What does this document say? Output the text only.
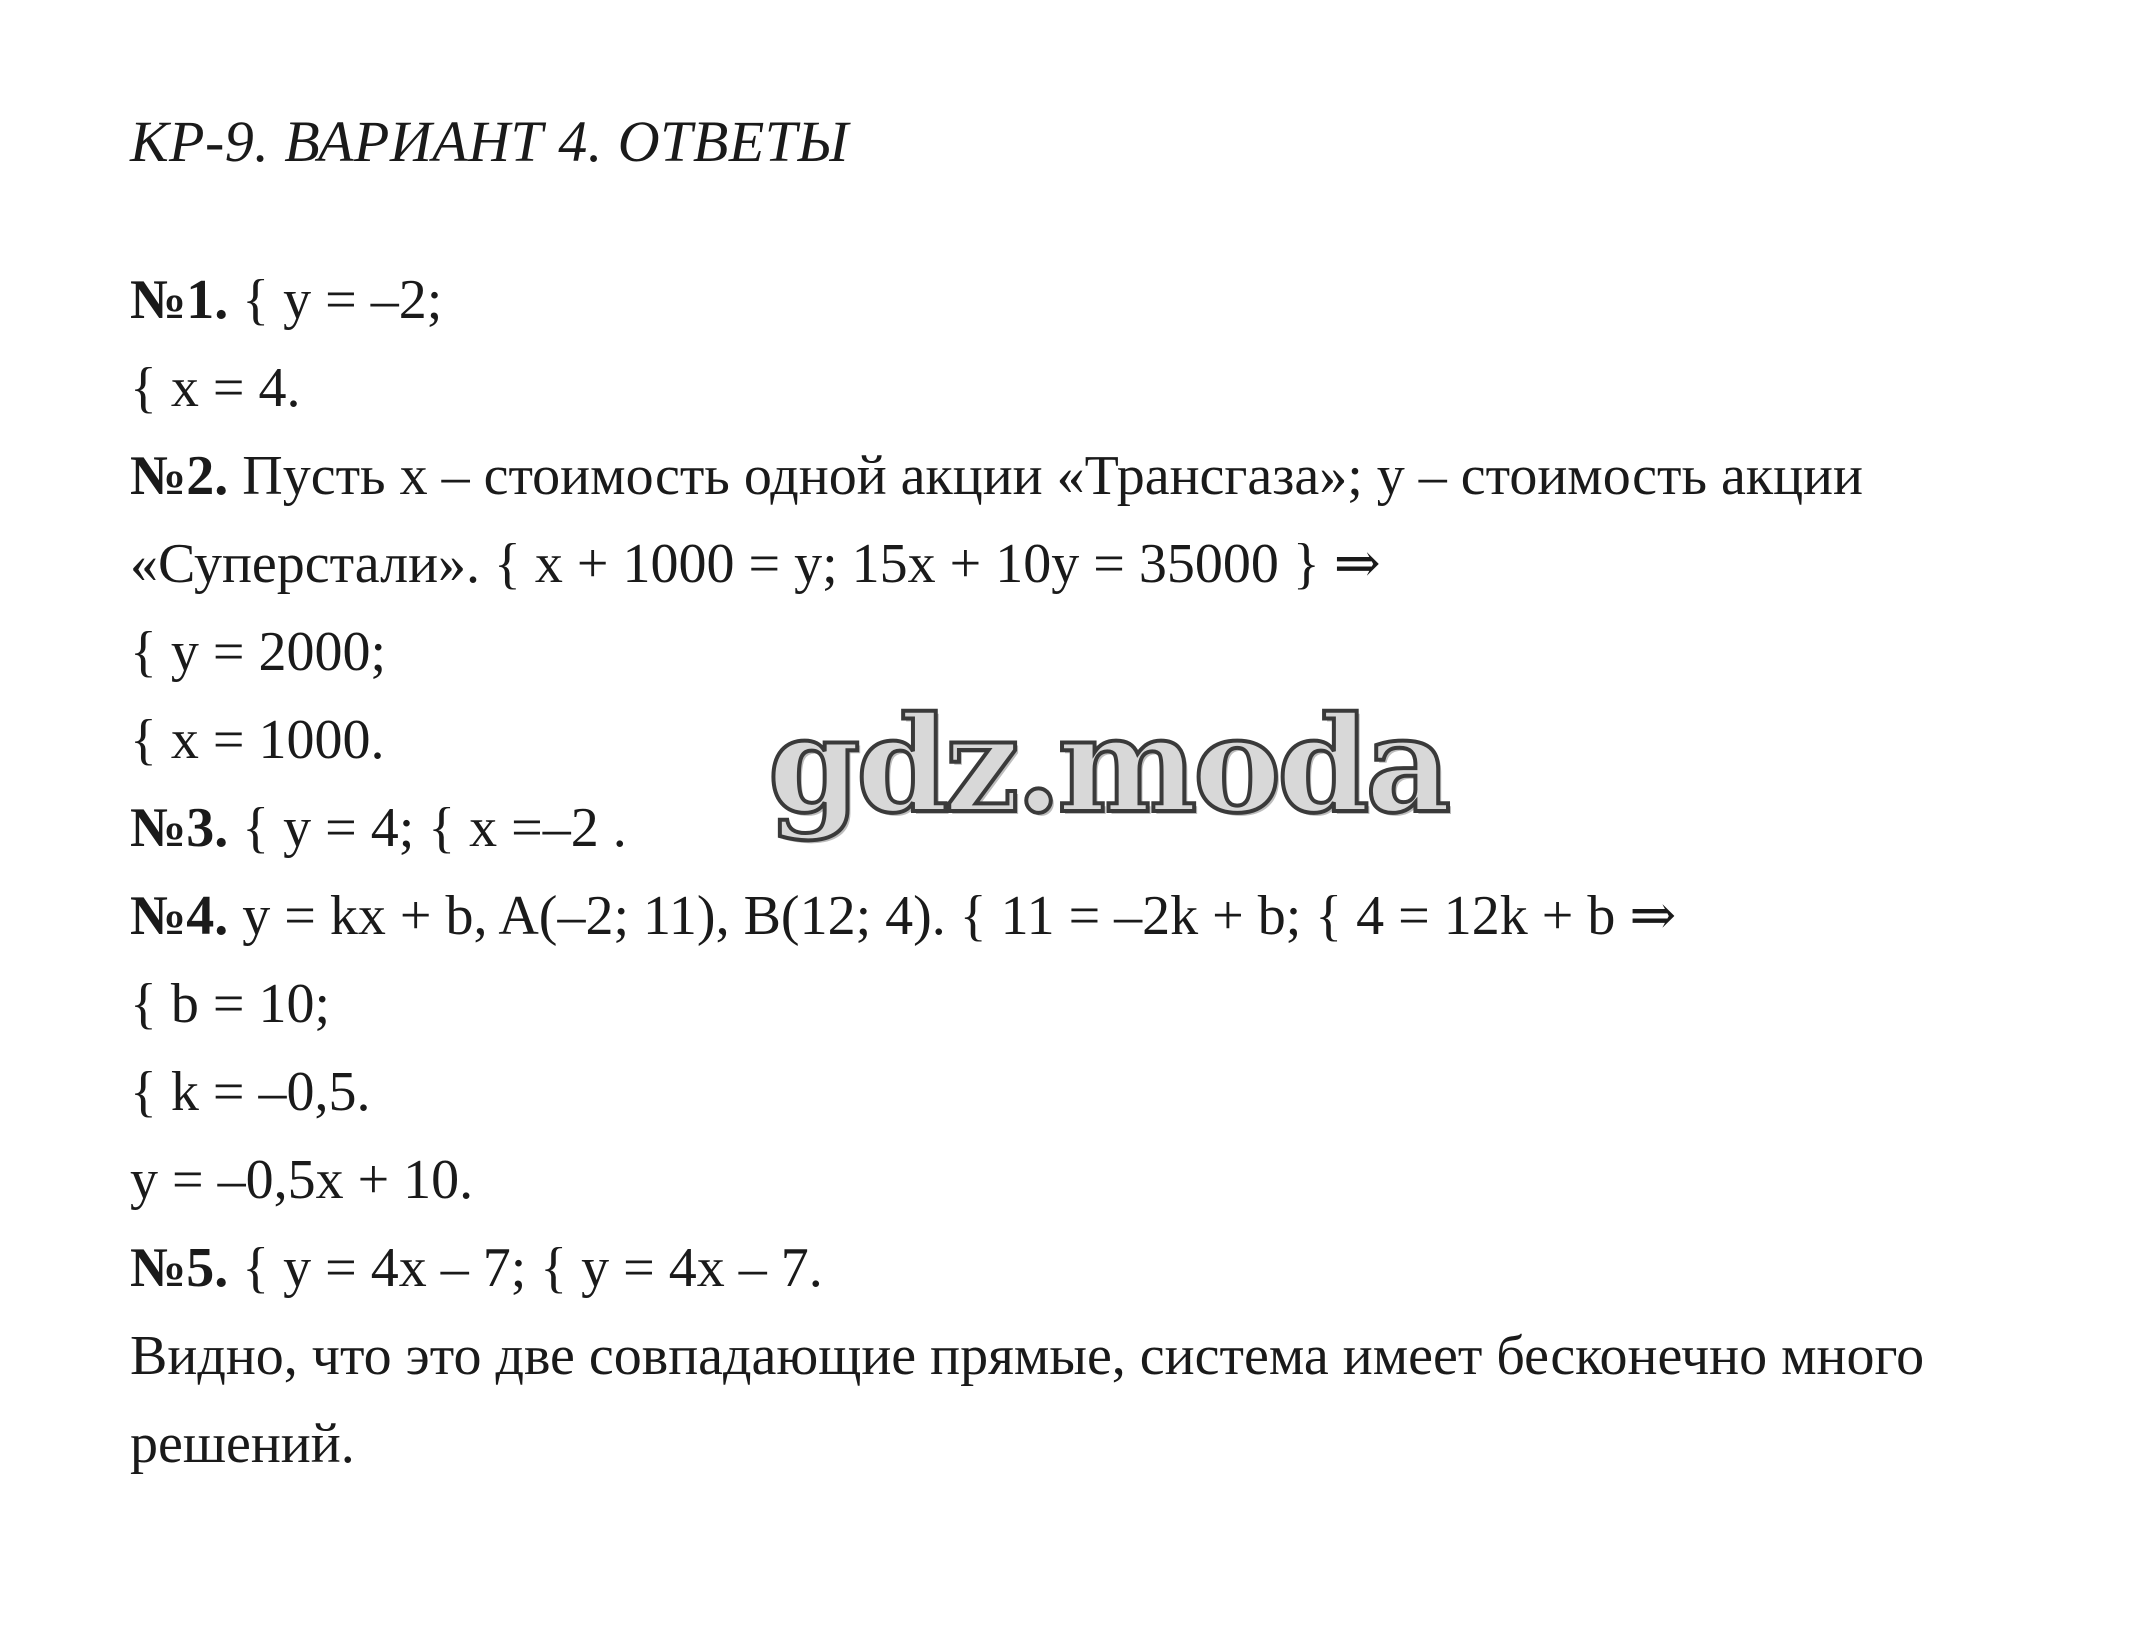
КР-9. ВАРИАНТ 4. ОТВЕТЫ
№1. { y = –2;
{ x = 4.
№2. Пусть x – стоимость одной акции «Трансгаза»; y – стоимость акции
«Суперстали». { x + 1000 = y; 15x + 10y = 35000 } ⇒
{ y = 2000;
{ x = 1000.
№3. { y = 4; { x =–2 .
№4. y = kx + b, A(–2; 11), B(12; 4). { 11 = –2k + b; { 4 = 12k + b ⇒
{ b = 10;
{ k = –0,5.
y = –0,5x + 10.
№5. { y = 4x – 7; { y = 4x – 7.
Видно, что это две совпадающие прямые, система имеет бесконечно много
решений.
gdz.moda
